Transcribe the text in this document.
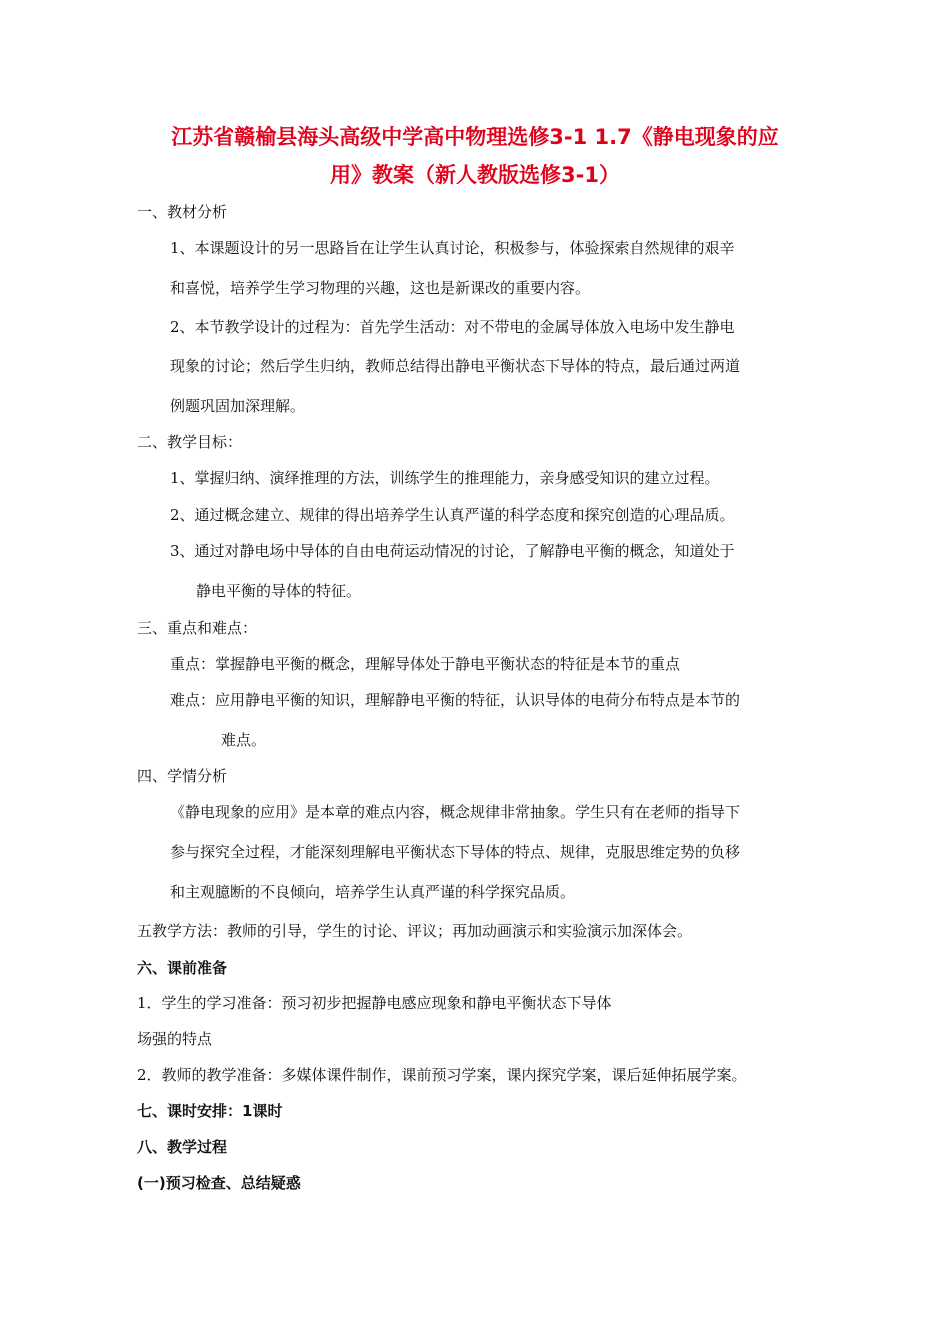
江苏省赣榆县海头高级中学高中物理选修3-1 1.7《静电现象的应
用》教案（新人教版选修3-1）
一、教材分析
1、本课题设计的另一思路旨在让学生认真讨论，积极参与，体验探索自然规律的艰辛
和喜悦，培养学生学习物理的兴趣，这也是新课改的重要内容。
2、本节教学设计的过程为：首先学生活动：对不带电的金属导体放入电场中发生静电
现象的讨论；然后学生归纳，教师总结得出静电平衡状态下导体的特点，最后通过两道
例题巩固加深理解。
二、教学目标：
1、掌握归纳、演绎推理的方法，训练学生的推理能力，亲身感受知识的建立过程。
2、通过概念建立、规律的得出培养学生认真严谨的科学态度和探究创造的心理品质。
3、通过对静电场中导体的自由电荷运动情况的讨论，了解静电平衡的概念，知道处于
静电平衡的导体的特征。
三、重点和难点：
重点：掌握静电平衡的概念，理解导体处于静电平衡状态的特征是本节的重点
难点：应用静电平衡的知识，理解静电平衡的特征，认识导体的电荷分布特点是本节的
难点。
四、学情分析
《静电现象的应用》是本章的难点内容，概念规律非常抽象。学生只有在老师的指导下
参与探究全过程，才能深刻理解电平衡状态下导体的特点、规律，克服思维定势的负移
和主观臆断的不良倾向，培养学生认真严谨的科学探究品质。
五教学方法：教师的引导，学生的讨论、评议；再加动画演示和实验演示加深体会。
六、课前准备
1．学生的学习准备：预习初步把握静电感应现象和静电平衡状态下导体
场强的特点
2．教师的教学准备：多媒体课件制作，课前预习学案，课内探究学案，课后延伸拓展学案。
七、课时安排：1课时
八、教学过程
(一)预习检查、总结疑惑
